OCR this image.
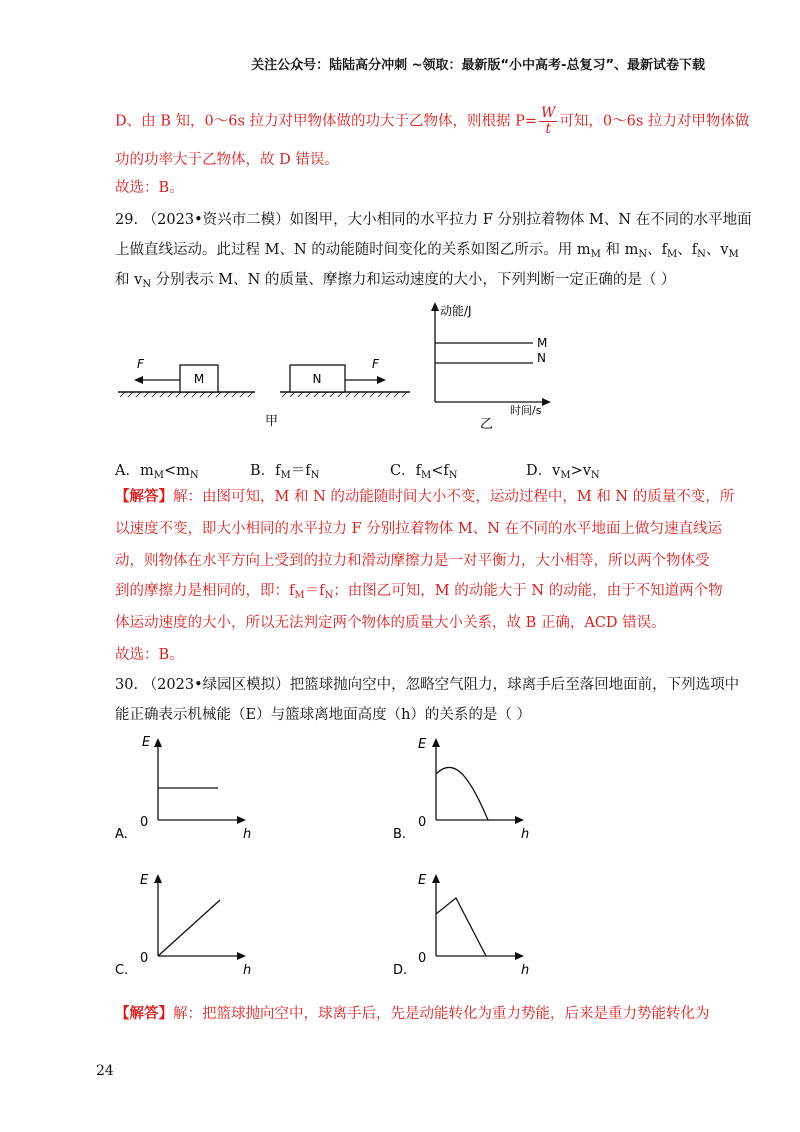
关注公众号：陆陆高分冲刺 ~领取：最新版“小中高考-总复习”、最新试卷下载
D、由 B 知，0～6s 拉力对甲物体做的功大于乙物体，则根据 $P= \frac{W}{t}$ 可知，0～6s 拉力对甲物体做
功的功率大于乙物体，故 D 错误。
故选：B。
29. （2023•资兴市二模）如图甲，大小相同的水平拉力 F 分别拉着物体 M、N 在不同的水平地面
上做直线运动。此过程 M、N 的动能随时间变化的关系如图乙所示。用 $m_M$ 和 $m_N$、$f_M$、$f_N$、$v_M$
和 $v_N$ 分别表示 M、N 的质量、摩擦力和运动速度的大小，下列判断一定正确的是（ ）
M
F
N
F
甲
动能/J
时间/s
M
N
乙
A．$m_M<m_N$	B．$f_M=f_N$	C．$f_M<f_N$	D．$v_M>v_N$
【解答】解：由图可知，M 和 N 的动能随时间大小不变，运动过程中，M 和 N 的质量不变，所
以速度不变，即大小相同的水平拉力 F 分别拉着物体 M、N 在不同的水平地面上做匀速直线运
动，则物体在水平方向上受到的拉力和滑动摩擦力是一对平衡力，大小相等，所以两个物体受
到的摩擦力是相同的，即：$f_M=f_N$；由图乙可知，M 的动能大于 N 的动能，由于不知道两个物
体运动速度的大小，所以无法判定两个物体的质量大小关系，故 B 正确，ACD 错误。
故选：B。
30. （2023•绿园区模拟）把篮球抛向空中，忽略空气阻力，球离手后至落回地面前，下列选项中
能正确表示机械能（E）与篮球离地面高度（h）的关系的是（ ）
E
h
0
A.
E
h
0
B.
E
h
0
C.
E
h
0
D.
【解答】解：把篮球抛向空中，球离手后，先是动能转化为重力势能，后来是重力势能转化为
24
